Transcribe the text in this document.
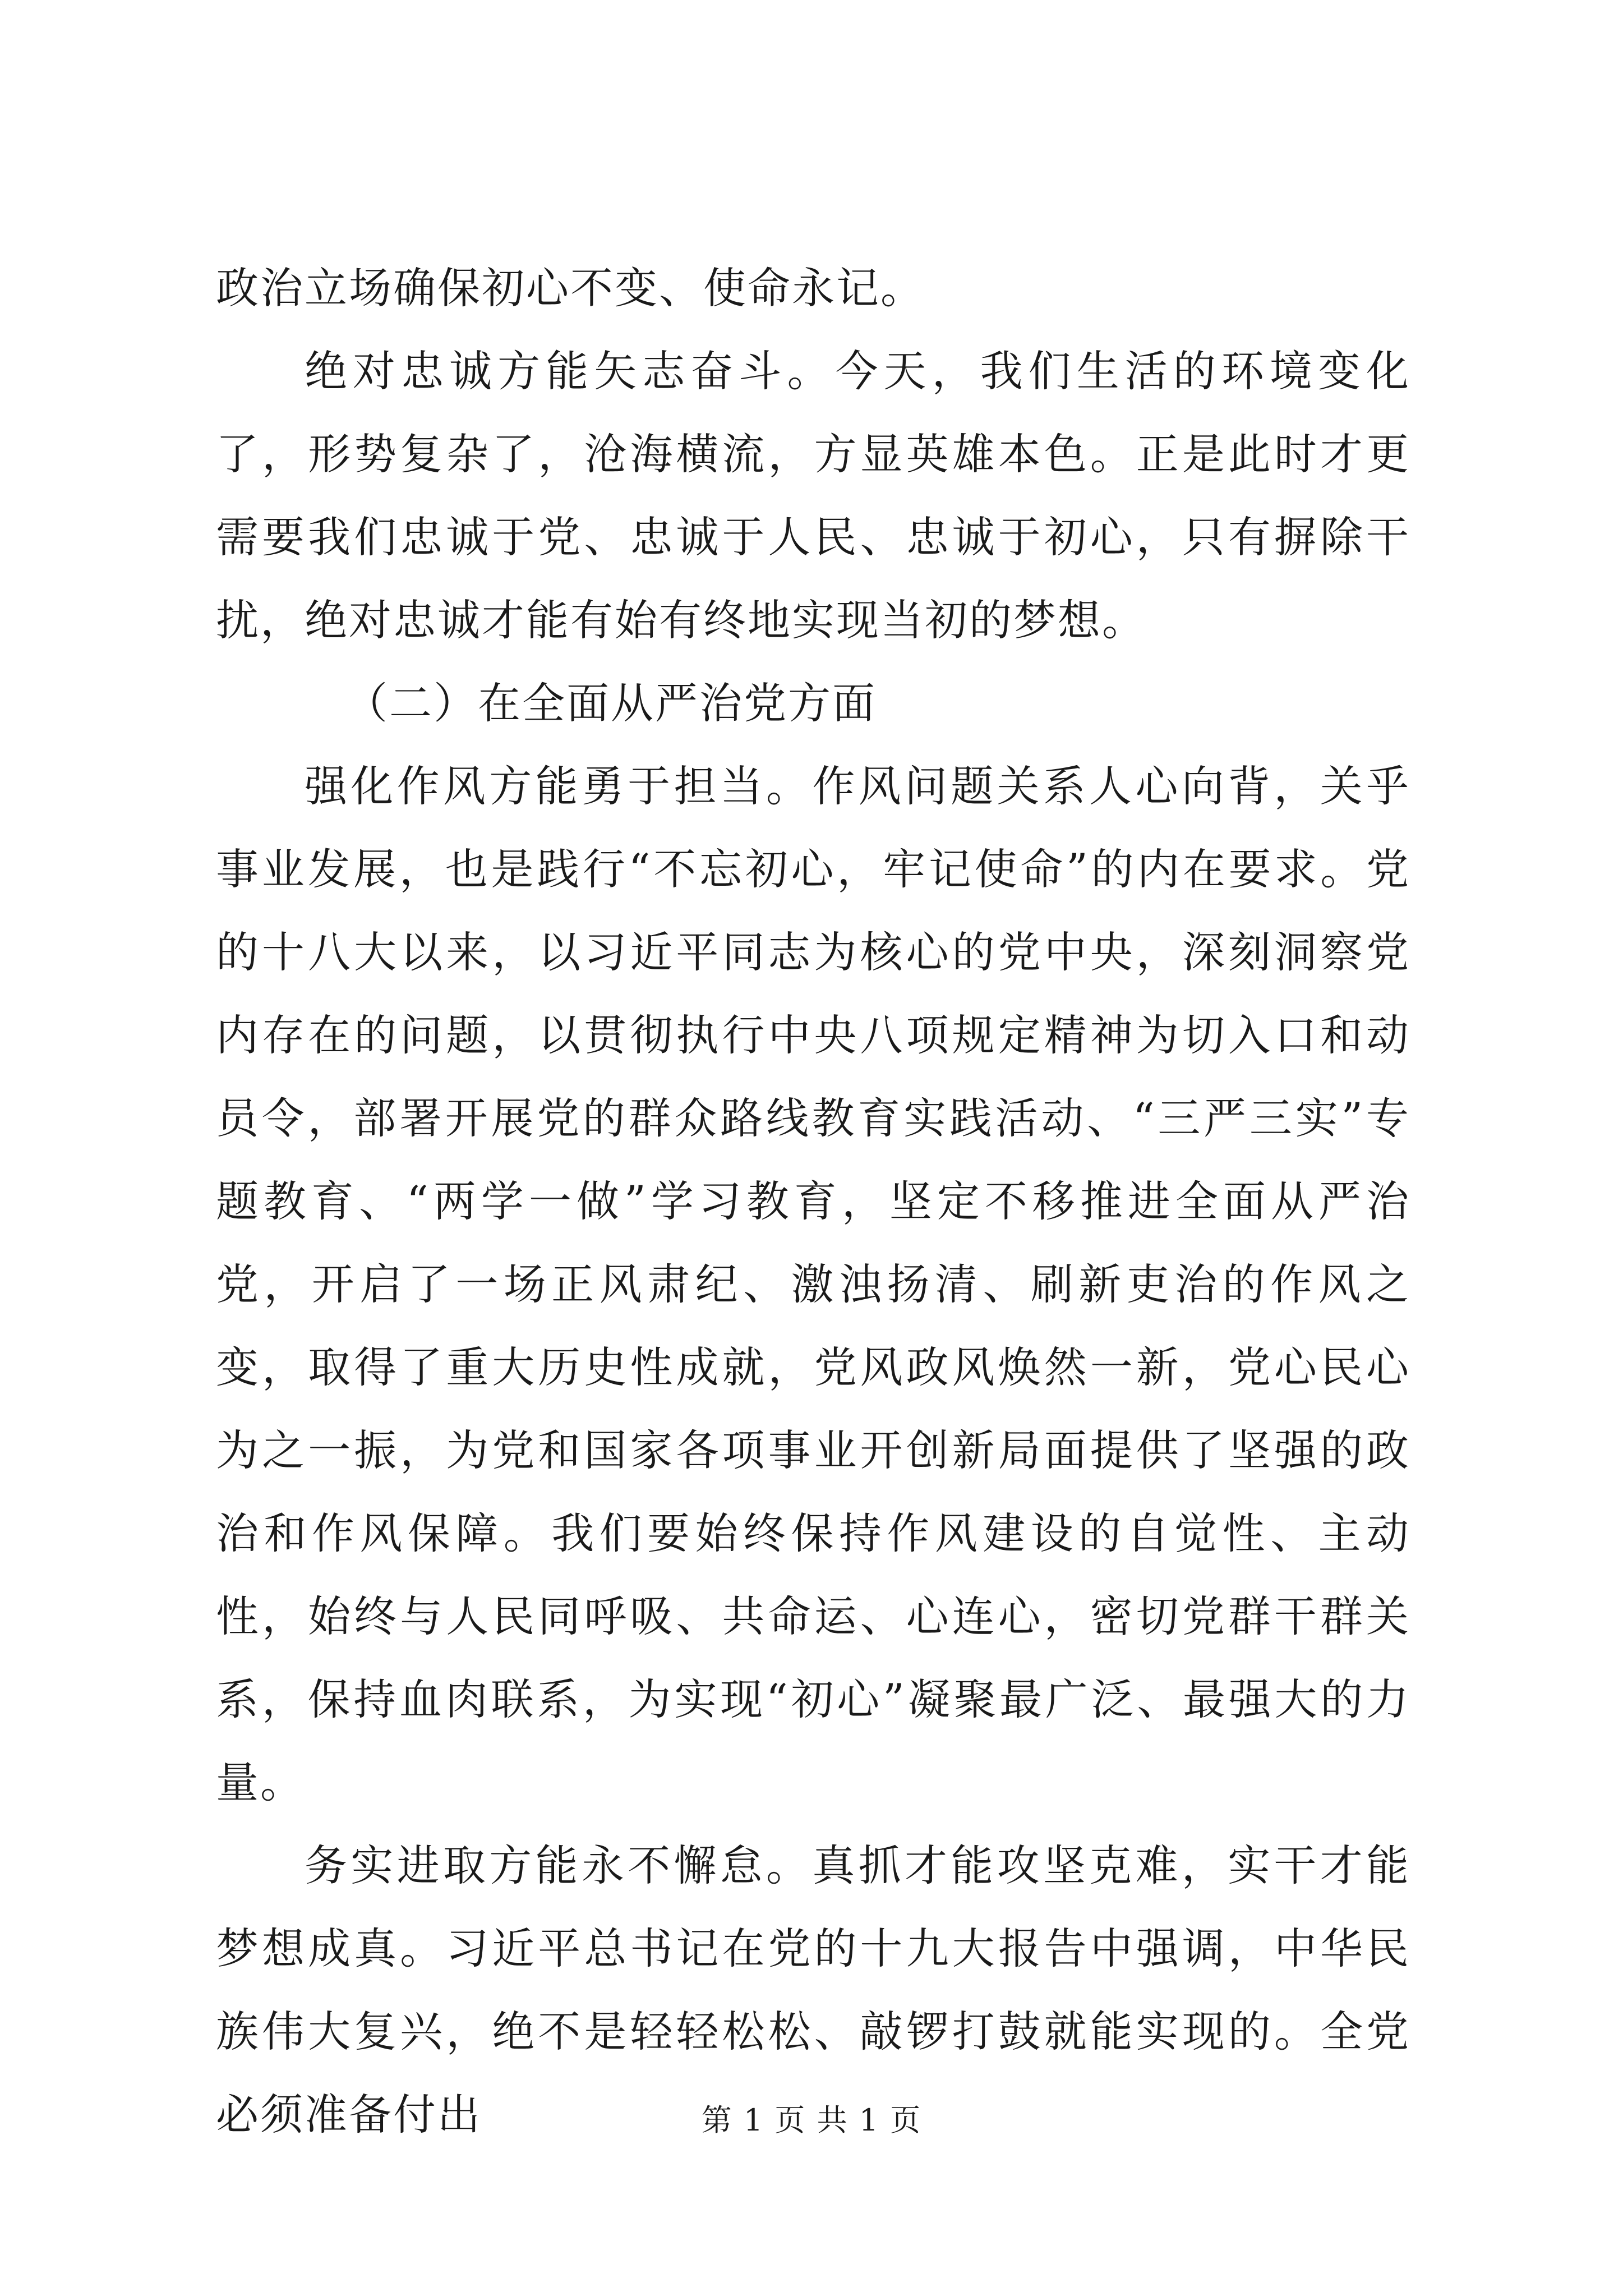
政治立场确保初心不变、使命永记。

绝对忠诚方能矢志奋斗。今天，我们生活的环境变化了，形势复杂了，沧海横流，方显英雄本色。正是此时才更需要我们忠诚于党、忠诚于人民、忠诚于初心，只有摒除干扰，绝对忠诚才能有始有终地实现当初的梦想。

（二）在全面从严治党方面

强化作风方能勇于担当。作风问题关系人心向背，关乎事业发展，也是践行“不忘初心，牢记使命”的内在要求。党的十八大以来，以习近平同志为核心的党中央，深刻洞察党内存在的问题，以贯彻执行中央八项规定精神为切入口和动员令，部署开展党的群众路线教育实践活动、“三严三实”专题教育、“两学一做”学习教育，坚定不移推进全面从严治党，开启了一场正风肃纪、激浊扬清、刷新吏治的作风之变，取得了重大历史性成就，党风政风焕然一新，党心民心为之一振，为党和国家各项事业开创新局面提供了坚强的政治和作风保障。我们要始终保持作风建设的自觉性、主动性，始终与人民同呼吸、共命运、心连心，密切党群干群关系，保持血肉联系，为实现“初心”凝聚最广泛、最强大的力量。

务实进取方能永不懈怠。真抓才能攻坚克难，实干才能梦想成真。习近平总书记在党的十九大报告中强调，中华民族伟大复兴，绝不是轻轻松松、敲锣打鼓就能实现的。全党必须准备付出	第 1 页 共 1 页
